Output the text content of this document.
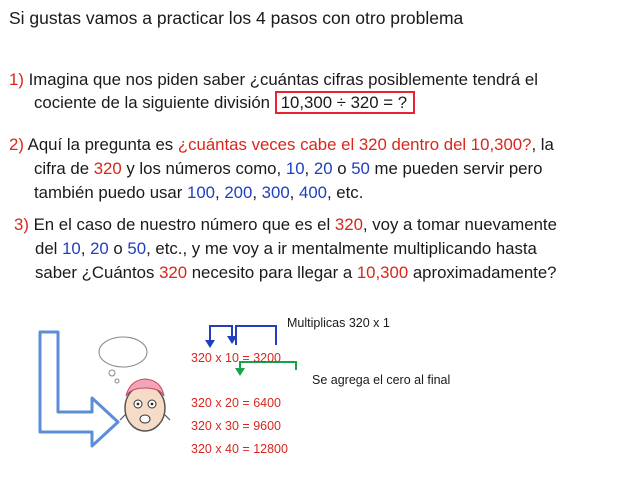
Si gustas vamos a practicar los 4 pasos con otro problema
1) Imagina que nos piden saber ¿cuántas cifras posiblemente tendrá el
cociente de la siguiente división 10,300 ÷ 320 = ?
2) Aquí la pregunta es ¿cuántas veces cabe el 320 dentro del 10,300?, la
cifra de 320 y los números como, 10, 20 o 50 me pueden servir pero
también puedo usar 100, 200, 300, 400, etc.
3) En el caso de nuestro número que es el 320, voy a tomar nuevamente
del 10, 20 o 50, etc., y me voy a ir mentalmente multiplicando hasta
saber ¿Cuántos 320 necesito para llegar a 10,300 aproximadamente?
Multiplicas 320 x 1
Se agrega el cero al final
320 x 10 = 3200
320 x 20 = 6400
320 x 30 = 9600
320 x 40 = 12800
